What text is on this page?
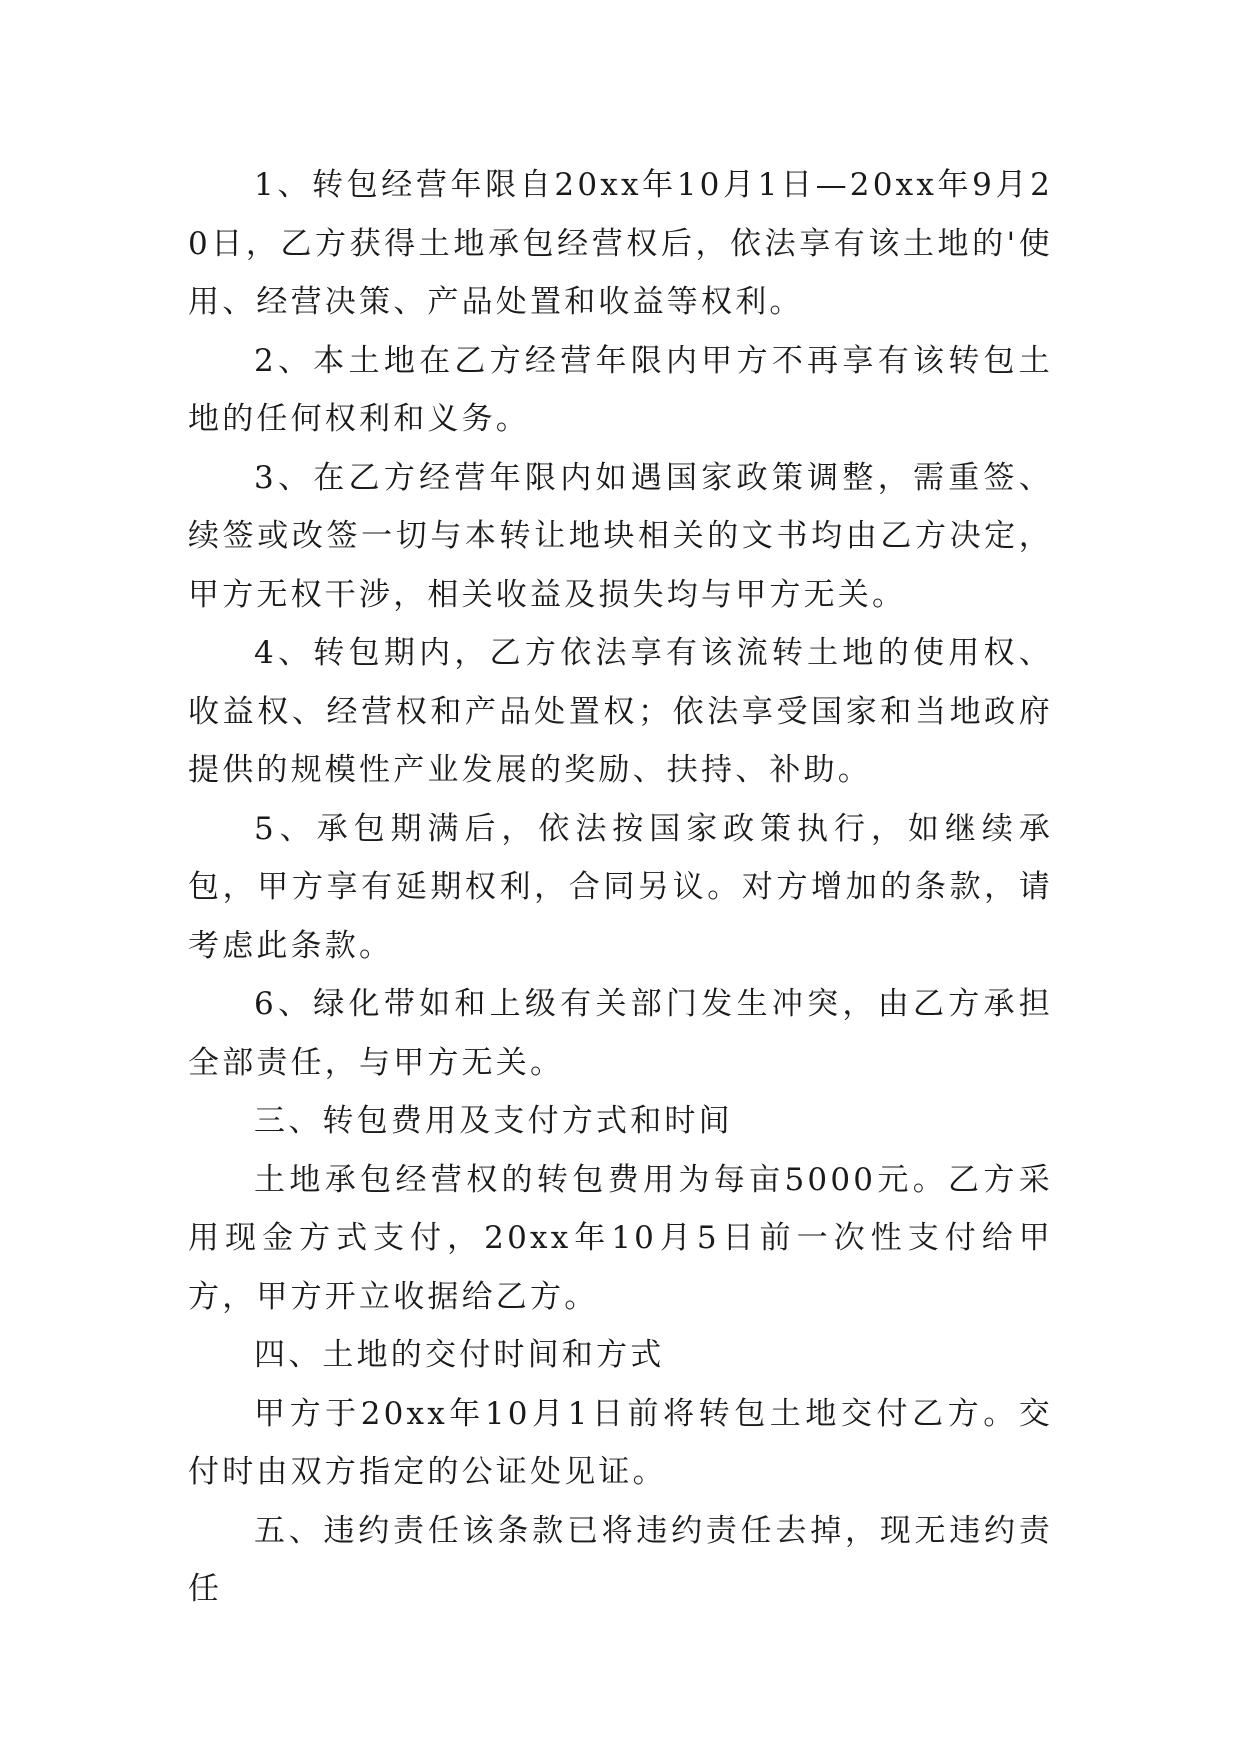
1、转包经营年限自20xx年10月1日—20xx年9月20日，乙方获得土地承包经营权后，依法享有该土地的'使用、经营决策、产品处置和收益等权利。

2、本土地在乙方经营年限内甲方不再享有该转包土地的任何权利和义务。

3、在乙方经营年限内如遇国家政策调整，需重签、续签或改签一切与本转让地块相关的文书均由乙方决定，甲方无权干涉，相关收益及损失均与甲方无关。

4、转包期内，乙方依法享有该流转土地的使用权、收益权、经营权和产品处置权；依法享受国家和当地政府提供的规模性产业发展的奖励、扶持、补助。

5、承包期满后，依法按国家政策执行，如继续承包，甲方享有延期权利，合同另议。对方增加的条款，请考虑此条款。

6、绿化带如和上级有关部门发生冲突，由乙方承担全部责任，与甲方无关。

三、转包费用及支付方式和时间

土地承包经营权的转包费用为每亩5000元。乙方采用现金方式支付，20xx年10月5日前一次性支付给甲方，甲方开立收据给乙方。

四、土地的交付时间和方式

甲方于20xx年10月1日前将转包土地交付乙方。交付时由双方指定的公证处见证。

五、违约责任该条款已将违约责任去掉，现无违约责任
